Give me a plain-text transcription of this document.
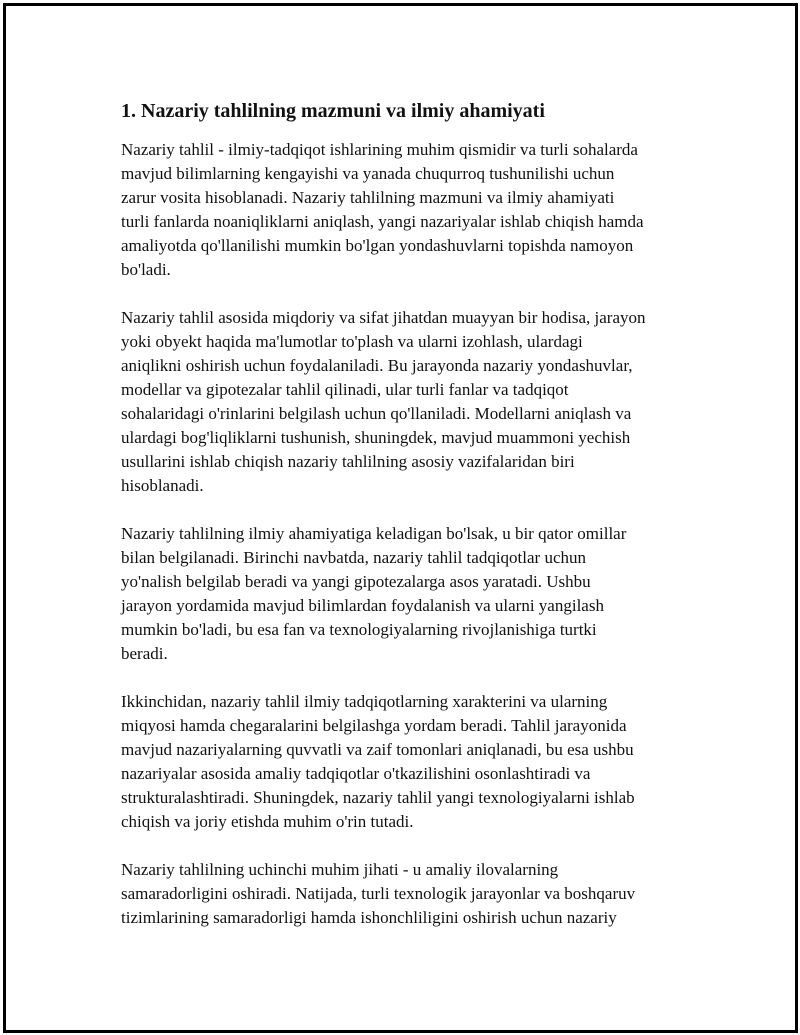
1. Nazariy tahlilning mazmuni va ilmiy ahamiyati

Nazariy tahlil - ilmiy-tadqiqot ishlarining muhim qismidir va turli sohalarda
mavjud bilimlarning kengayishi va yanada chuqurroq tushunilishi uchun
zarur vosita hisoblanadi. Nazariy tahlilning mazmuni va ilmiy ahamiyati
turli fanlarda noaniqliklarni aniqlash, yangi nazariyalar ishlab chiqish hamda
amaliyotda qo'llanilishi mumkin bo'lgan yondashuvlarni topishda namoyon
bo'ladi.

Nazariy tahlil asosida miqdoriy va sifat jihatdan muayyan bir hodisa, jarayon
yoki obyekt haqida ma'lumotlar to'plash va ularni izohlash, ulardagi
aniqlikni oshirish uchun foydalaniladi. Bu jarayonda nazariy yondashuvlar,
modellar va gipotezalar tahlil qilinadi, ular turli fanlar va tadqiqot
sohalaridagi o'rinlarini belgilash uchun qo'llaniladi. Modellarni aniqlash va
ulardagi bog'liqliklarni tushunish, shuningdek, mavjud muammoni yechish
usullarini ishlab chiqish nazariy tahlilning asosiy vazifalaridan biri
hisoblanadi.

Nazariy tahlilning ilmiy ahamiyatiga keladigan bo'lsak, u bir qator omillar
bilan belgilanadi. Birinchi navbatda, nazariy tahlil tadqiqotlar uchun
yo'nalish belgilab beradi va yangi gipotezalarga asos yaratadi. Ushbu
jarayon yordamida mavjud bilimlardan foydalanish va ularni yangilash
mumkin bo'ladi, bu esa fan va texnologiyalarning rivojlanishiga turtki
beradi.

Ikkinchidan, nazariy tahlil ilmiy tadqiqotlarning xarakterini va ularning
miqyosi hamda chegaralarini belgilashga yordam beradi. Tahlil jarayonida
mavjud nazariyalarning quvvatli va zaif tomonlari aniqlanadi, bu esa ushbu
nazariyalar asosida amaliy tadqiqotlar o'tkazilishini osonlashtiradi va
strukturalashtiradi. Shuningdek, nazariy tahlil yangi texnologiyalarni ishlab
chiqish va joriy etishda muhim o'rin tutadi.

Nazariy tahlilning uchinchi muhim jihati - u amaliy ilovalarning
samaradorligini oshiradi. Natijada, turli texnologik jarayonlar va boshqaruv
tizimlarining samaradorligi hamda ishonchliligini oshirish uchun nazariy
